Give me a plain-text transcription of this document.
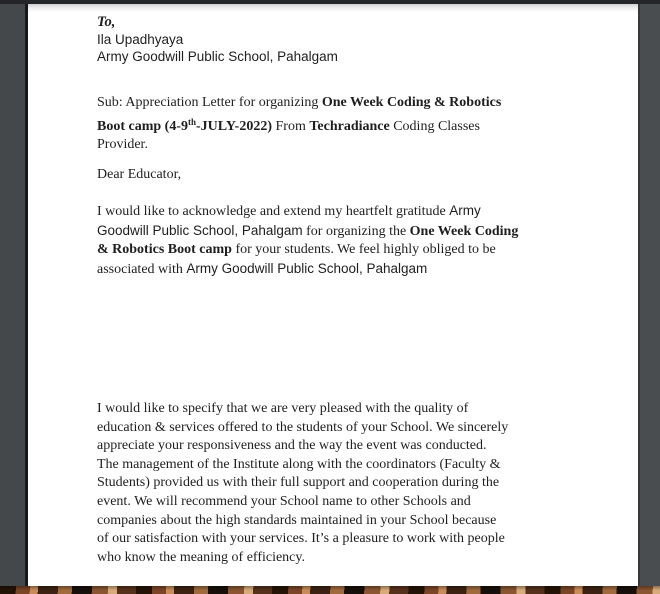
To,
Ila Upadhyaya
Army Goodwill Public School, Pahalgam
Sub: Appreciation Letter for organizing One Week Coding & Robotics
Boot camp (4-9th-JULY-2022) From Techradiance Coding Classes
Provider.
Dear Educator,
I would like to acknowledge and extend my heartfelt gratitude Army
Goodwill Public School, Pahalgam for organizing the One Week Coding
& Robotics Boot camp for your students. We feel highly obliged to be
associated with Army Goodwill Public School, Pahalgam
I would like to specify that we are very pleased with the quality of
education & services offered to the students of your School. We sincerely
appreciate your responsiveness and the way the event was conducted.
The management of the Institute along with the coordinators (Faculty &
Students) provided us with their full support and cooperation during the
event. We will recommend your School name to other Schools and
companies about the high standards maintained in your School because
of our satisfaction with your services. It’s a pleasure to work with people
who know the meaning of efficiency.
